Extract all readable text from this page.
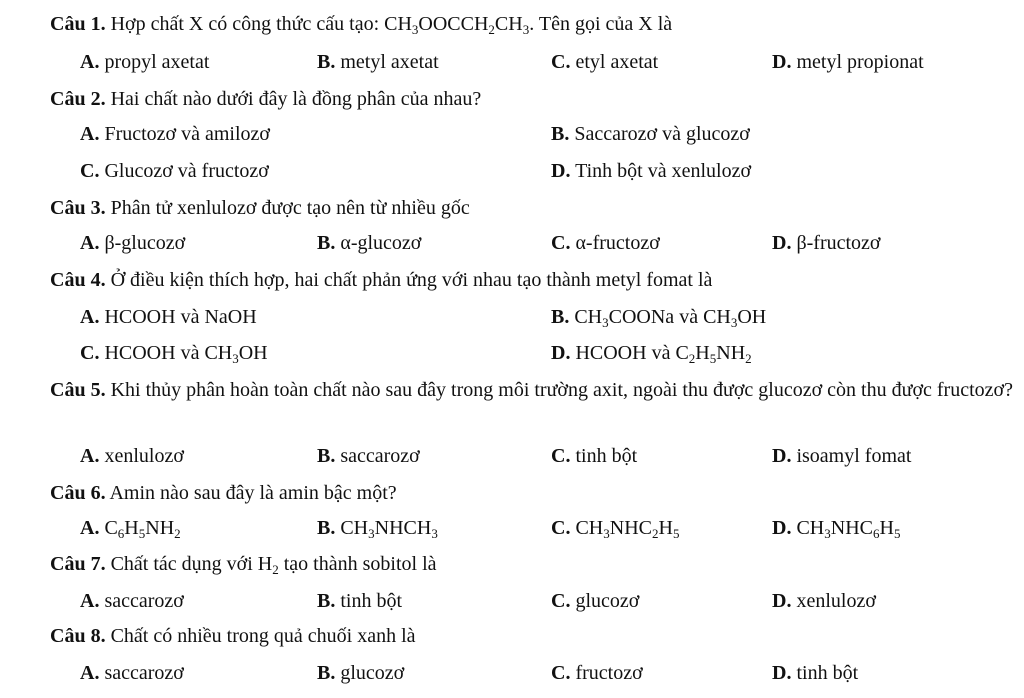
Câu 1. Hợp chất X có công thức cấu tạo: $CH_3OOCCH_2CH_3$. Tên gọi của X là
A. propyl axetat	B. metyl axetat	C. etyl axetat	D. metyl propionat
Câu 2. Hai chất nào dưới đây là đồng phân của nhau?
A. Fructozơ và amilozơ	B. Saccarozơ và glucozơ
C. Glucozơ và fructozơ	D. Tinh bột và xenlulozơ
Câu 3. Phân tử xenlulozơ được tạo nên từ nhiều gốc
A. β-glucozơ	B. α-glucozơ	C. α-fructozơ	D. β-fructozơ
Câu 4. Ở điều kiện thích hợp, hai chất phản ứng với nhau tạo thành metyl fomat là
A. HCOOH và NaOH	B. $CH_3COONa$ và $CH_3OH$
C. HCOOH và $CH_3OH$	D. HCOOH và $C_2H_5NH_2$
Câu 5. Khi thủy phân hoàn toàn chất nào sau đây trong môi trường axit, ngoài thu được glucozơ còn thu được fructozơ?
A. xenlulozơ	B. saccarozơ	C. tinh bột	D. isoamyl fomat
Câu 6. Amin nào sau đây là amin bậc một?
A. $C_6H_5NH_2$	B. $CH_3NHCH_3$	C. $CH_3NHC_2H_5$	D. $CH_3NHC_6H_5$
Câu 7. Chất tác dụng với $H_2$ tạo thành sobitol là
A. saccarozơ	B. tinh bột	C. glucozơ	D. xenlulozơ
Câu 8. Chất có nhiều trong quả chuối xanh là
A. saccarozơ	B. glucozơ	C. fructozơ	D. tinh bột
